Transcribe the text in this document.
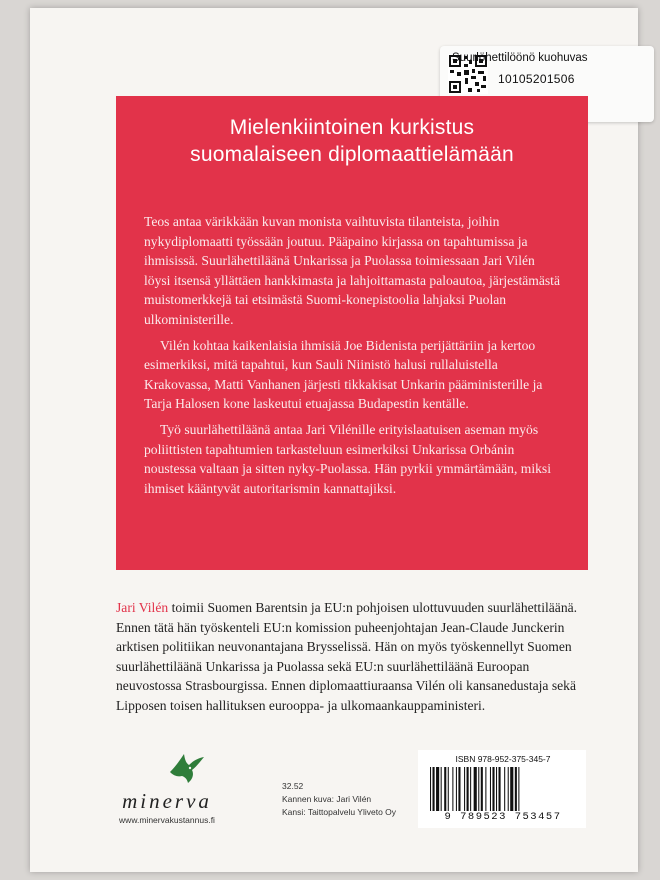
Suurlöhettilöönö kuohuvas
10105201506
Mielenkiintoinen kurkistus
suomalaiseen diplomaattielämään

Teos antaa värikkään kuvan monista vaihtuvista tilanteista, joihin nykydiplomaatti työssään joutuu. Pääpaino kirjassa on tapahtumissa ja ihmisissä. Suurlähettiläänä Unkarissa ja Puolassa toimiessaan Jari Vilén löysi itsensä yllättäen hankkimasta ja lahjoittamasta paloautoa, järjestämästä muistomerkkejä tai etsimästä Suomi-konepistoolia lahjaksi Puolan ulkoministerille.

Vilén kohtaa kaikenlaisia ihmisiä Joe Bidenista perijättäriin ja kertoo esimerkiksi, mitä tapahtui, kun Sauli Niinistö halusi rullaluistella Krakovassa, Matti Vanhanen järjesti tikkakisat Unkarin pääministerille ja Tarja Halosen kone laskeutui etuajassa Budapestin kentälle.

Työ suurlähettiläänä antaa Jari Vilénille erityislaatuisen aseman myös poliittisten tapahtumien tarkasteluun esimerkiksi Unkarissa Orbánin noustessa valtaan ja sitten nyky-Puolassa. Hän pyrkii ymmärtämään, miksi ihmiset kääntyvät autoritarismin kannattajiksi.

Jari Vilén toimii Suomen Barentsin ja EU:n pohjoisen ulottuvuuden suurlähettiläänä. Ennen tätä hän työskenteli EU:n komission puheenjohtajan Jean-Claude Junckerin arktisen politiikan neuvonantajana Brysselissä. Hän on myös työskennellyt Suomen suurlähettiläänä Unkarissa ja Puolassa sekä EU:n suurlähettiläänä Euroopan neuvostossa Strasbourgissa. Ennen diplomaattiuraansa Vilén oli kansanedustaja sekä Lipposen toisen hallituksen eurooppa- ja ulkomaankauppaministeri.
minerva
www.minervakustannus.fi
32.52
Kannen kuva: Jari Vilén
Kansi: Taittopalvelu Yliveto Oy
ISBN 978-952-375-345-7
9 789523 753457
